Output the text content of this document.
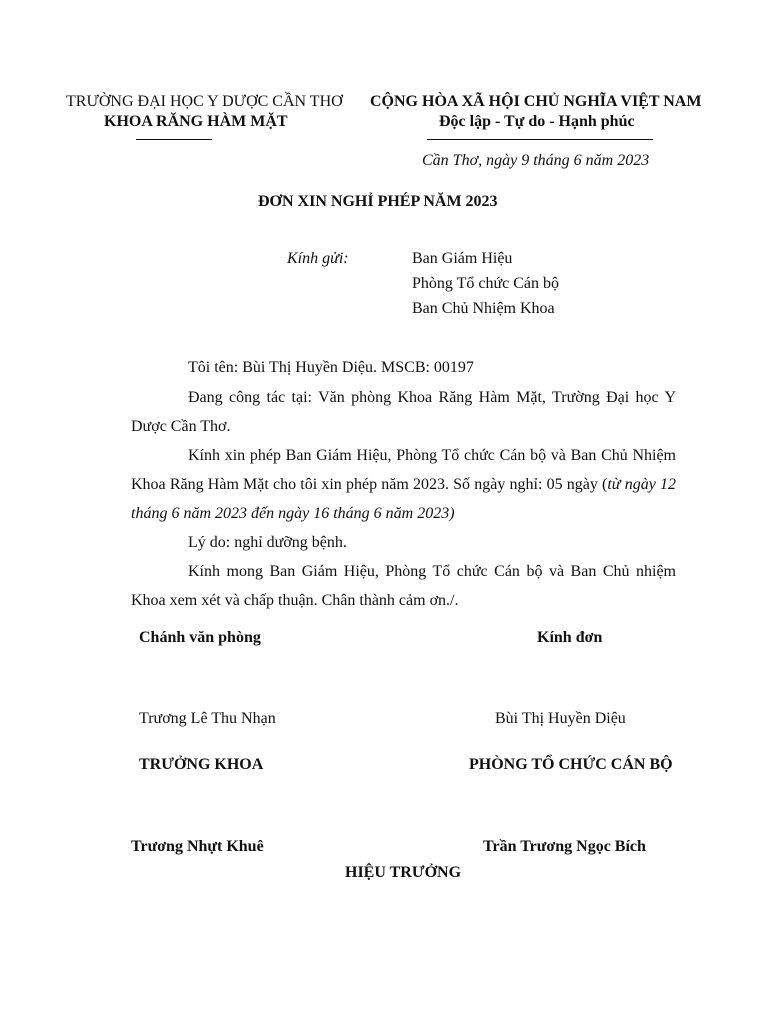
TRƯỜNG ĐẠI HỌC Y DƯỢC CẦN THƠ
KHOA RĂNG HÀM MẶT
CỘNG HÒA XÃ HỘI CHỦ NGHĨA VIỆT NAM
Độc lập - Tự do - Hạnh phúc
Cần Thơ, ngày 9 tháng 6 năm 2023
ĐƠN XIN NGHỈ PHÉP NĂM 2023
Kính gửi:	Ban Giám Hiệu
Phòng Tổ chức Cán bộ
Ban Chủ Nhiệm Khoa
Tôi tên: Bùi Thị Huyền Diệu. MSCB: 00197
Đang công tác tại: Văn phòng Khoa Răng Hàm Mặt, Trường Đại học Y Dược Cần Thơ.
Kính xin phép Ban Giám Hiệu, Phòng Tổ chức Cán bộ và Ban Chủ Nhiệm Khoa Răng Hàm Mặt cho tôi xin phép năm 2023. Số ngày nghỉ: 05 ngày (từ ngày 12 tháng 6 năm 2023 đến ngày 16 tháng 6 năm 2023)
Lý do: nghỉ dưỡng bệnh.
Kính mong Ban Giám Hiệu, Phòng Tổ chức Cán bộ và Ban Chủ nhiệm Khoa xem xét và chấp thuận. Chân thành cảm ơn./.
Chánh văn phòng	Kính đơn
Trương Lê Thu Nhạn	Bùi Thị Huyền Diệu
TRƯỞNG KHOA	PHÒNG TỔ CHỨC CÁN BỘ
Trương Nhựt Khuê	Trần Trương Ngọc Bích
HIỆU TRƯỞNG
